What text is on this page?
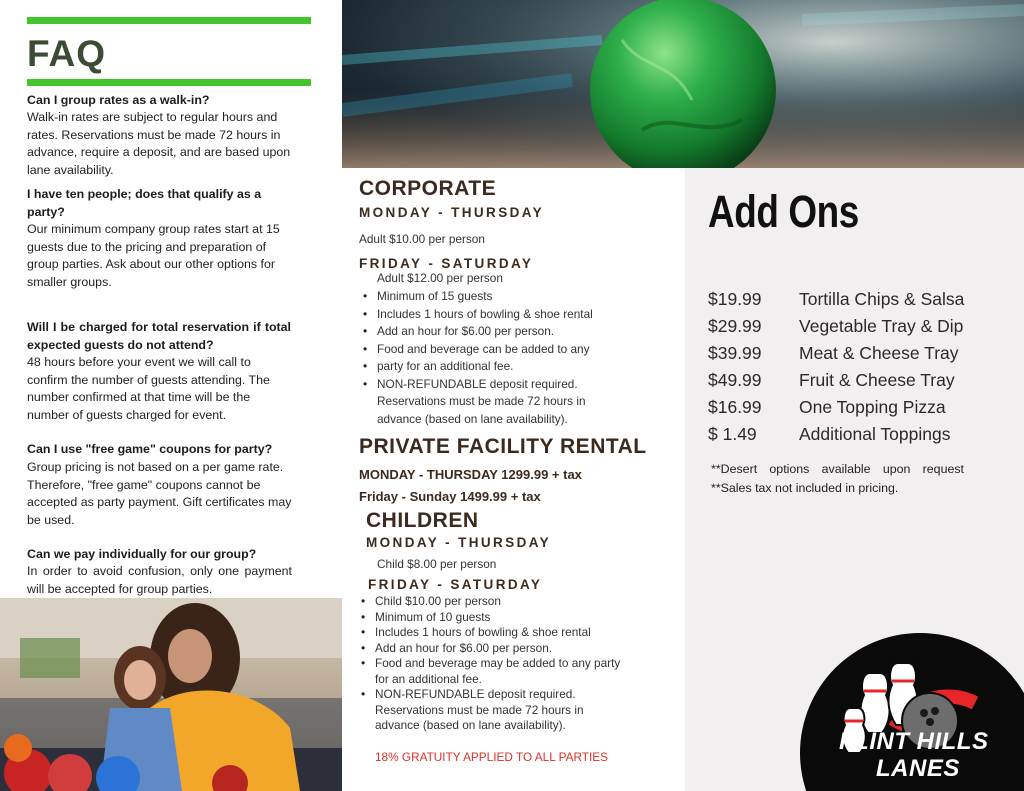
FAQ
Can I group rates as a walk-in?
Walk-in rates are subject to regular hours and rates. Reservations must be made 72 hours in advance, require a deposit, and are based upon lane availability.
I have ten people; does that qualify as a party?
Our minimum company group rates start at 15 guests due to the pricing and preparation of group parties. Ask about our other options for smaller groups.
Will I be charged for total reservation if total expected guests do not attend?
48 hours before your event we will call to confirm the number of guests attending. The number confirmed at that time will be the number of guests charged for event.
Can I use "free game" coupons for party?
Group pricing is not based on a per game rate. Therefore, "free game" coupons cannot be accepted as party payment. Gift certificates may be used.
Can we pay individually for our group?
In order to avoid confusion, only one payment will be accepted for group parties.
CORPORATE
MONDAY - THURSDAY
Adult $10.00 per person
FRIDAY - SATURDAY
Adult $12.00 per person
• Minimum of 15 guests
• Includes 1 hours of bowling & shoe rental
• Add an hour for $6.00 per person.
• Food and beverage can be added to any
• party for an additional fee.
• NON-REFUNDABLE deposit required.
Reservations must be made 72 hours in
advance (based on lane availability).
PRIVATE FACILITY RENTAL
MONDAY - THURSDAY 1299.99 + tax
Friday - Sunday 1499.99 + tax
CHILDREN
MONDAY - THURSDAY
Child $8.00 per person
FRIDAY - SATURDAY
• Child $10.00 per person
• Minimum of 10 guests
• Includes 1 hours of bowling & shoe rental
• Add an hour for $6.00 per person.
• Food and beverage may be added to any party
for an additional fee.
• NON-REFUNDABLE deposit required.
Reservations must be made 72 hours in
advance (based on lane availability).
18% GRATUITY APPLIED TO ALL PARTIES
Add Ons
$19.99 Tortilla Chips & Salsa
$29.99 Vegetable Tray & Dip
$39.99 Meat & Cheese Tray
$49.99 Fruit & Cheese Tray
$16.99 One Topping Pizza
$ 1.49 Additional Toppings
**Desert options available upon request **Sales tax not included in pricing.
FLINT HILLS
LANES
